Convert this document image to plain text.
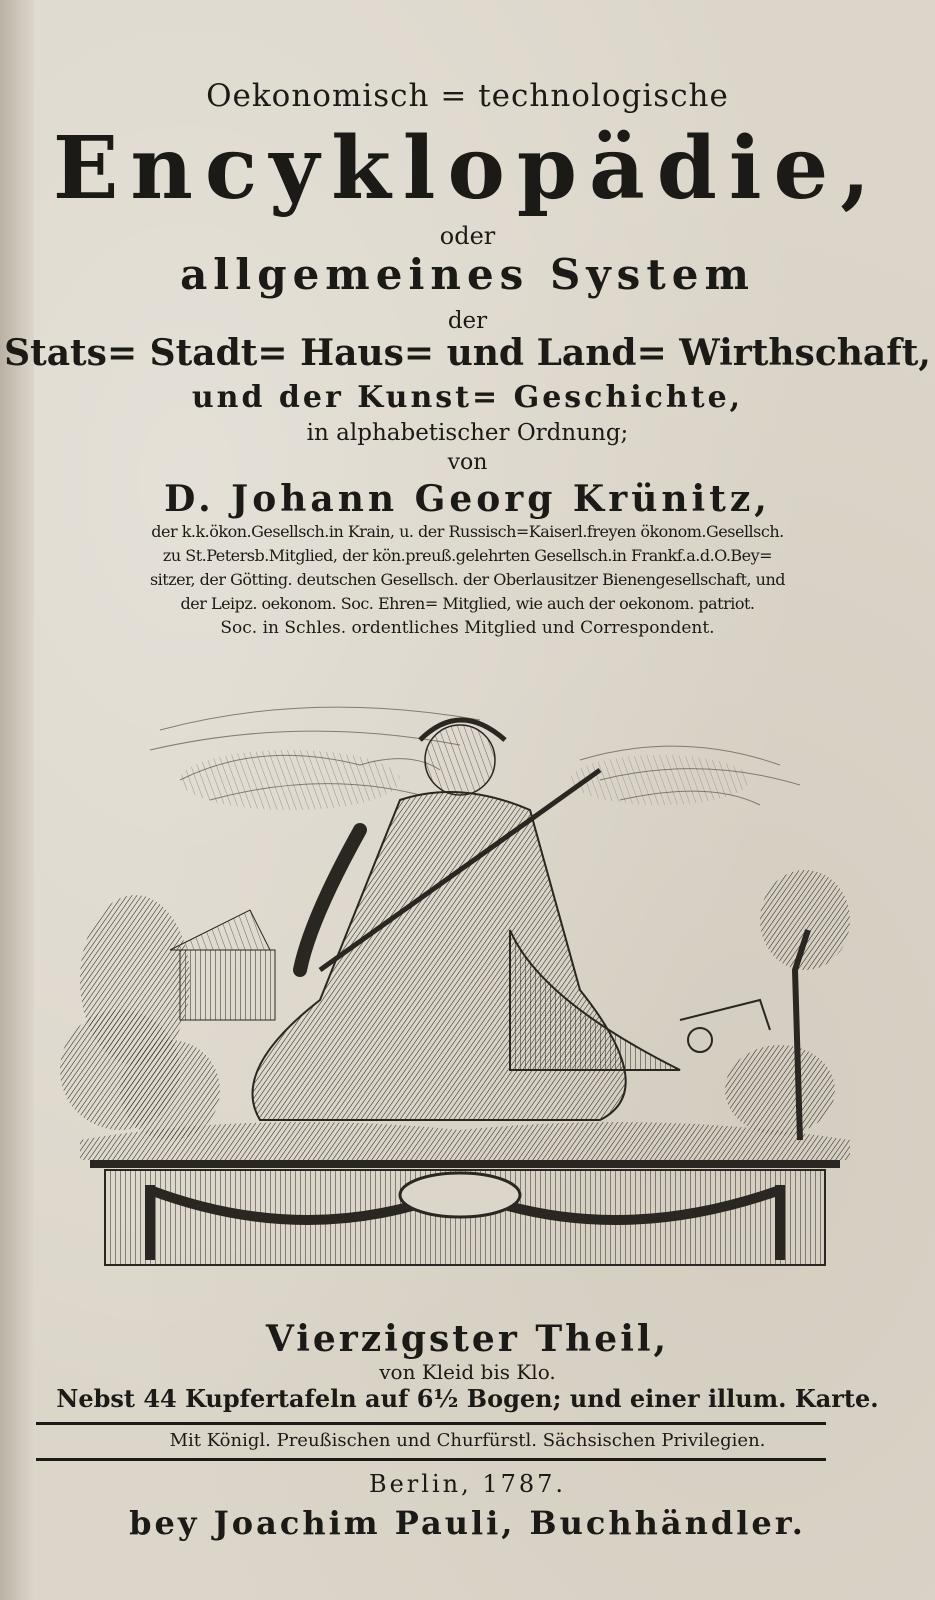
Oekonomisch = technologische
Encyklopädie,
oder
allgemeines System
der
Stats= Stadt= Haus= und Land= Wirthschaft,
und der Kunst= Geschichte,
in alphabetischer Ordnung;
von
D. Johann Georg Krünitz,
der k.k.ökon.Gesellsch.in Krain, u. der Russisch=Kaiserl.freyen ökonom.Gesellsch.
zu St.Petersb.Mitglied, der kön.preuß.gelehrten Gesellsch.in Frankf.a.d.O.Bey=
sitzer, der Götting. deutschen Gesellsch. der Oberlausitzer Bienengesellschaft, und
der Leipz. oekonom. Soc. Ehren= Mitglied, wie auch der oekonom. patriot.
Soc. in Schles. ordentliches Mitglied und Correspondent.
Vierzigster Theil,
von Kleid bis Klo.
Nebst 44 Kupfertafeln auf 6½ Bogen; und einer illum. Karte.
Mit Königl. Preußischen und Churfürstl. Sächsischen Privilegien.
Berlin, 1787.
bey Joachim Pauli, Buchhändler.
